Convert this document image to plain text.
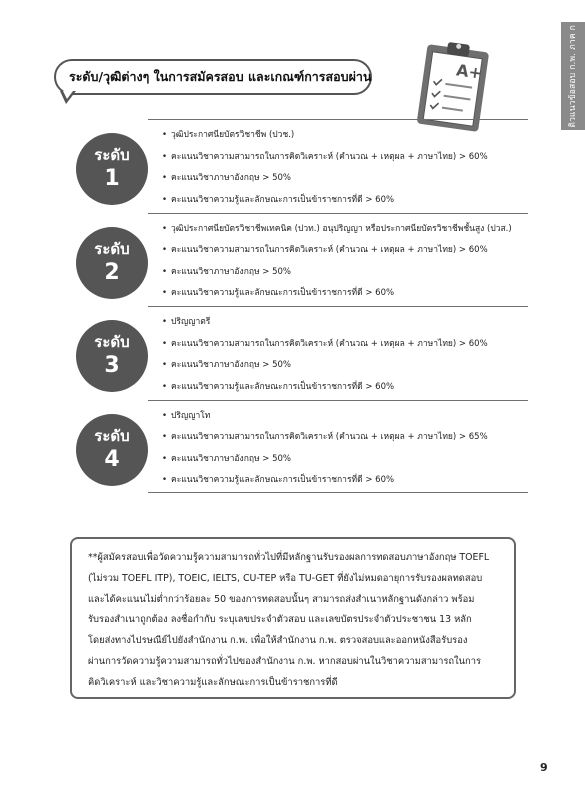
ติวแนวข้อสอบ ก.พ. ภาค ก
ระดับ/วุฒิต่างๆ ในการสมัครสอบ และเกณฑ์การสอบผ่าน	A+
ระดับ
1
• วุฒิประกาศนียบัตรวิชาชีพ (ปวช.)
• คะแนนวิชาความสามารถในการคิดวิเคราะห์ (คำนวณ + เหตุผล + ภาษาไทย) > 60%
• คะแนนวิชาภาษาอังกฤษ > 50%
• คะแนนวิชาความรู้และลักษณะการเป็นข้าราชการที่ดี > 60%
ระดับ
2
• วุฒิประกาศนียบัตรวิชาชีพเทคนิค (ปวท.) อนุปริญญา หรือประกาศนียบัตรวิชาชีพชั้นสูง (ปวส.)
• คะแนนวิชาความสามารถในการคิดวิเคราะห์ (คำนวณ + เหตุผล + ภาษาไทย) > 60%
• คะแนนวิชาภาษาอังกฤษ > 50%
• คะแนนวิชาความรู้และลักษณะการเป็นข้าราชการที่ดี > 60%
ระดับ
3
• ปริญญาตรี
• คะแนนวิชาความสามารถในการคิดวิเคราะห์ (คำนวณ + เหตุผล + ภาษาไทย) > 60%
• คะแนนวิชาภาษาอังกฤษ > 50%
• คะแนนวิชาความรู้และลักษณะการเป็นข้าราชการที่ดี > 60%
ระดับ
4
• ปริญญาโท
• คะแนนวิชาความสามารถในการคิดวิเคราะห์ (คำนวณ + เหตุผล + ภาษาไทย) > 65%
• คะแนนวิชาภาษาอังกฤษ > 50%
• คะแนนวิชาความรู้และลักษณะการเป็นข้าราชการที่ดี > 60%

**ผู้สมัครสอบเพื่อวัดความรู้ความสามารถทั่วไปที่มีหลักฐานรับรองผลการทดสอบภาษาอังกฤษ TOEFL

(ไม่รวม TOEFL ITP), TOEIC, IELTS, CU-TEP หรือ TU-GET ที่ยังไม่หมดอายุการรับรองผลทดสอบ

และได้คะแนนไม่ต่ำกว่าร้อยละ 50 ของการทดสอบนั้นๆ สามารถส่งสำเนาหลักฐานดังกล่าว พร้อม

รับรองสำเนาถูกต้อง ลงชื่อกำกับ ระบุเลขประจำตัวสอบ และเลขบัตรประจำตัวประชาชน 13 หลัก

โดยส่งทางไปรษณีย์ไปยังสำนักงาน ก.พ. เพื่อให้สำนักงาน ก.พ. ตรวจสอบและออกหนังสือรับรอง

ผ่านการวัดความรู้ความสามารถทั่วไปของสำนักงาน ก.พ. หากสอบผ่านในวิชาความสามารถในการ

คิดวิเคราะห์ และวิชาความรู้และลักษณะการเป็นข้าราชการที่ดี

9
